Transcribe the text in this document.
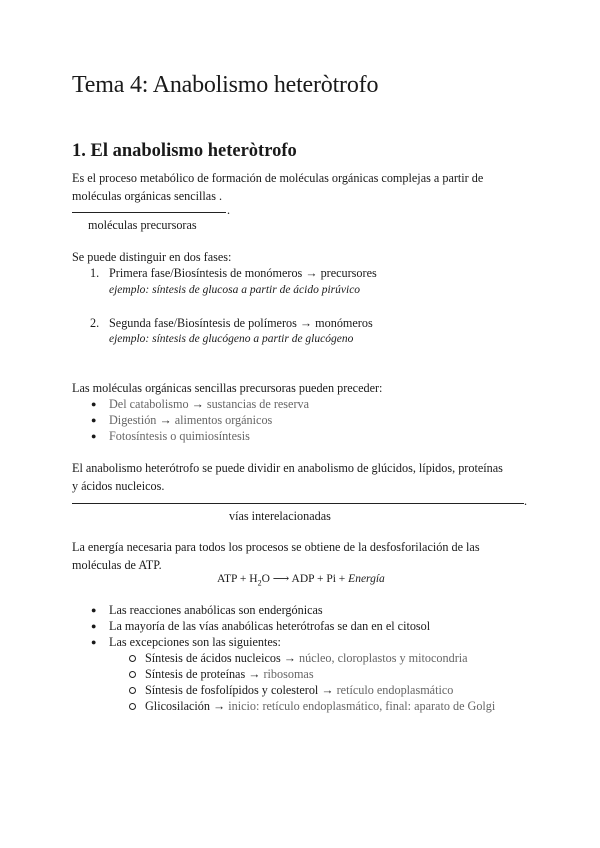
Tema 4: Anabolismo heteròtrofo
1. El anabolismo heteròtrofo
Es el proceso metabólico de formación de moléculas orgánicas complejas a partir de
moléculas orgánicas sencillas .
.
moléculas precursoras
Se puede distinguir en dos fases:
1. Primera fase/Biosíntesis de monómeros → precursores
ejemplo: síntesis de glucosa a partir de ácido pirúvico
2. Segunda fase/Biosíntesis de polímeros → monómeros
ejemplo: síntesis de glucógeno a partir de glucógeno
Las moléculas orgánicas sencillas precursoras pueden preceder:
● Del catabolismo → sustancias de reserva
● Digestión → alimentos orgánicos
● Fotosíntesis o quimiosíntesis
El anabolismo heterótrofo se puede dividir en anabolismo de glúcidos, lípidos, proteínas
y ácidos nucleicos.
.
vías interelacionadas
La energía necesaria para todos los procesos se obtiene de la desfosforilación de las
moléculas de ATP.
ATP + $H_2O$ ⟶ ADP + Pi + Energía
● Las reacciones anabólicas son endergónicas
● La mayoría de las vías anabólicas heterótrofas se dan en el citosol
● Las excepciones son las siguientes:
Síntesis de ácidos nucleicos → núcleo, cloroplastos y mitocondria
Síntesis de proteínas → ribosomas
Síntesis de fosfolípidos y colesterol → retículo endoplasmático
Glicosilación → inicio: retículo endoplasmático, final: aparato de Golgi
